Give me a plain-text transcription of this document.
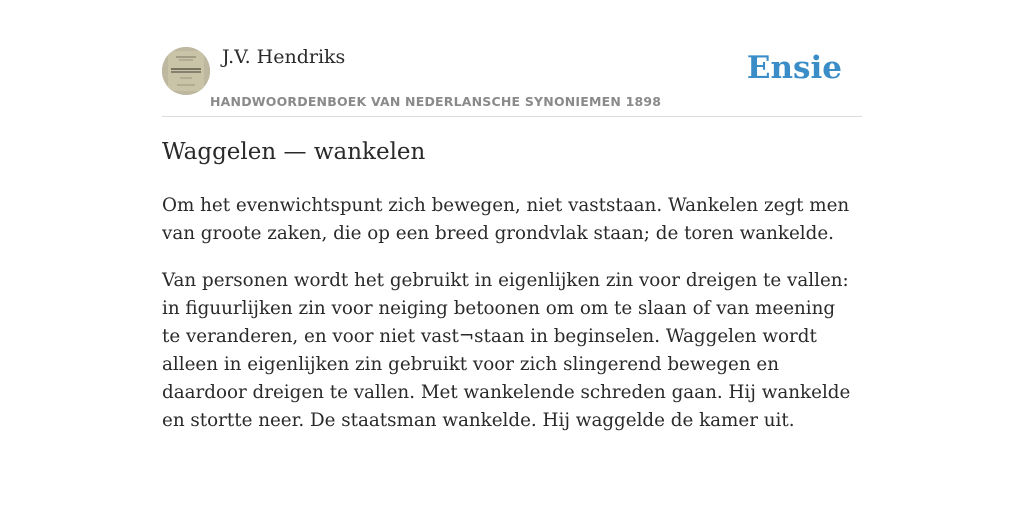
J.V. Hendriks
HANDWOORDENBOEK VAN NEDERLANSCHE SYNONIEMEN 1898
Ensie
Waggelen — wankelen

Om het evenwichtspunt zich bewegen, niet vaststaan. Wankelen zegt men van groote zaken, die op een breed grondvlak staan; de toren wankelde.

Van personen wordt het gebruikt in eigenlijken zin voor dreigen te vallen: in figuurlijken zin voor neiging betoonen om om te slaan of van meening te veranderen, en voor niet vast¬staan in beginselen. Waggelen wordt alleen in eigenlijken zin gebruikt voor zich slingerend bewegen en daardoor dreigen te vallen. Met wankelende schreden gaan. Hij wankelde en stortte neer. De staatsman wankelde. Hij waggelde de kamer uit.
